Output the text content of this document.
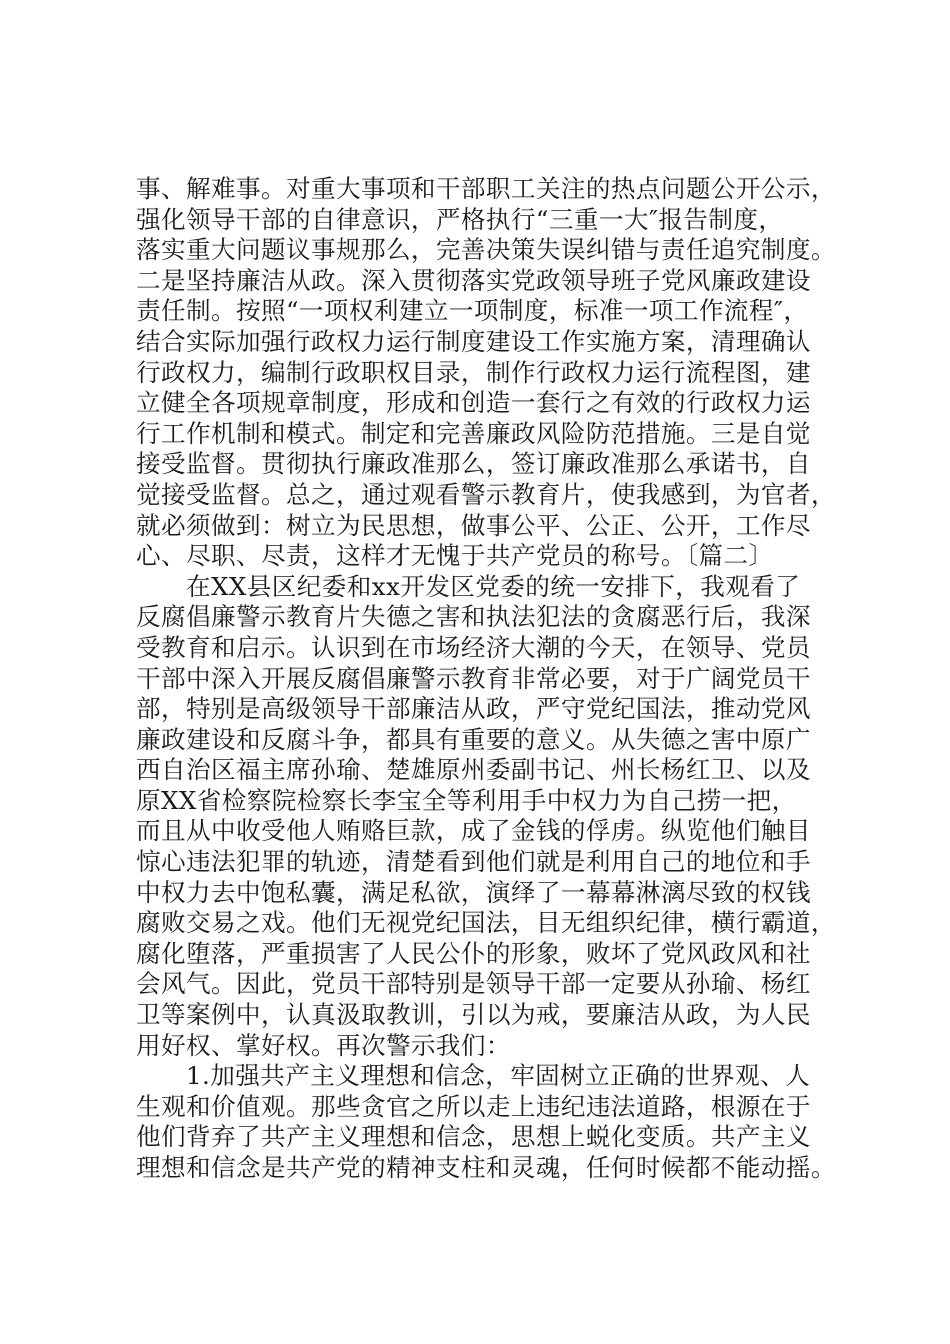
事、解难事。对重大事项和干部职工关注的热点问题公开公示，
强化领导干部的自律意识，严格执行“三重一大″报告制度，
落实重大问题议事规那么，完善决策失误纠错与责任追究制度。
二是坚持廉洁从政。深入贯彻落实党政领导班子党风廉政建设
责任制。按照“一项权利建立一项制度，标准一项工作流程″，
结合实际加强行政权力运行制度建设工作实施方案，清理确认
行政权力，编制行政职权目录，制作行政权力运行流程图，建
立健全各项规章制度，形成和创造一套行之有效的行政权力运
行工作机制和模式。制定和完善廉政风险防范措施。三是自觉
接受监督。贯彻执行廉政准那么，签订廉政准那么承诺书，自
觉接受监督。总之，通过观看警示教育片，使我感到，为官者，
就必须做到：树立为民思想，做事公平、公正、公开，工作尽
心、尽职、尽责，这样才无愧于共产党员的称号。〔篇二〕
在XX县区纪委和xx开发区党委的统一安排下，我观看了
反腐倡廉警示教育片失德之害和执法犯法的贪腐恶行后，我深
受教育和启示。认识到在市场经济大潮的今天，在领导、党员
干部中深入开展反腐倡廉警示教育非常必要，对于广阔党员干
部，特别是高级领导干部廉洁从政，严守党纪国法，推动党风
廉政建设和反腐斗争，都具有重要的意义。从失德之害中原广
西自治区福主席孙瑜、楚雄原州委副书记、州长杨红卫、以及
原XX省检察院检察长李宝全等利用手中权力为自己捞一把，
而且从中收受他人贿赂巨款，成了金钱的俘虏。纵览他们触目
惊心违法犯罪的轨迹，清楚看到他们就是利用自己的地位和手
中权力去中饱私囊，满足私欲，演绎了一幕幕淋漓尽致的权钱
腐败交易之戏。他们无视党纪国法，目无组织纪律，横行霸道，
腐化堕落，严重损害了人民公仆的形象，败坏了党风政风和社
会风气。因此，党员干部特别是领导干部一定要从孙瑜、杨红
卫等案例中，认真汲取教训，引以为戒，要廉洁从政，为人民
用好权、掌好权。再次警示我们：
1.加强共产主义理想和信念，牢固树立正确的世界观、人
生观和价值观。那些贪官之所以走上违纪违法道路，根源在于
他们背弃了共产主义理想和信念，思想上蜕化变质。共产主义
理想和信念是共产党的精神支柱和灵魂，任何时候都不能动摇。
